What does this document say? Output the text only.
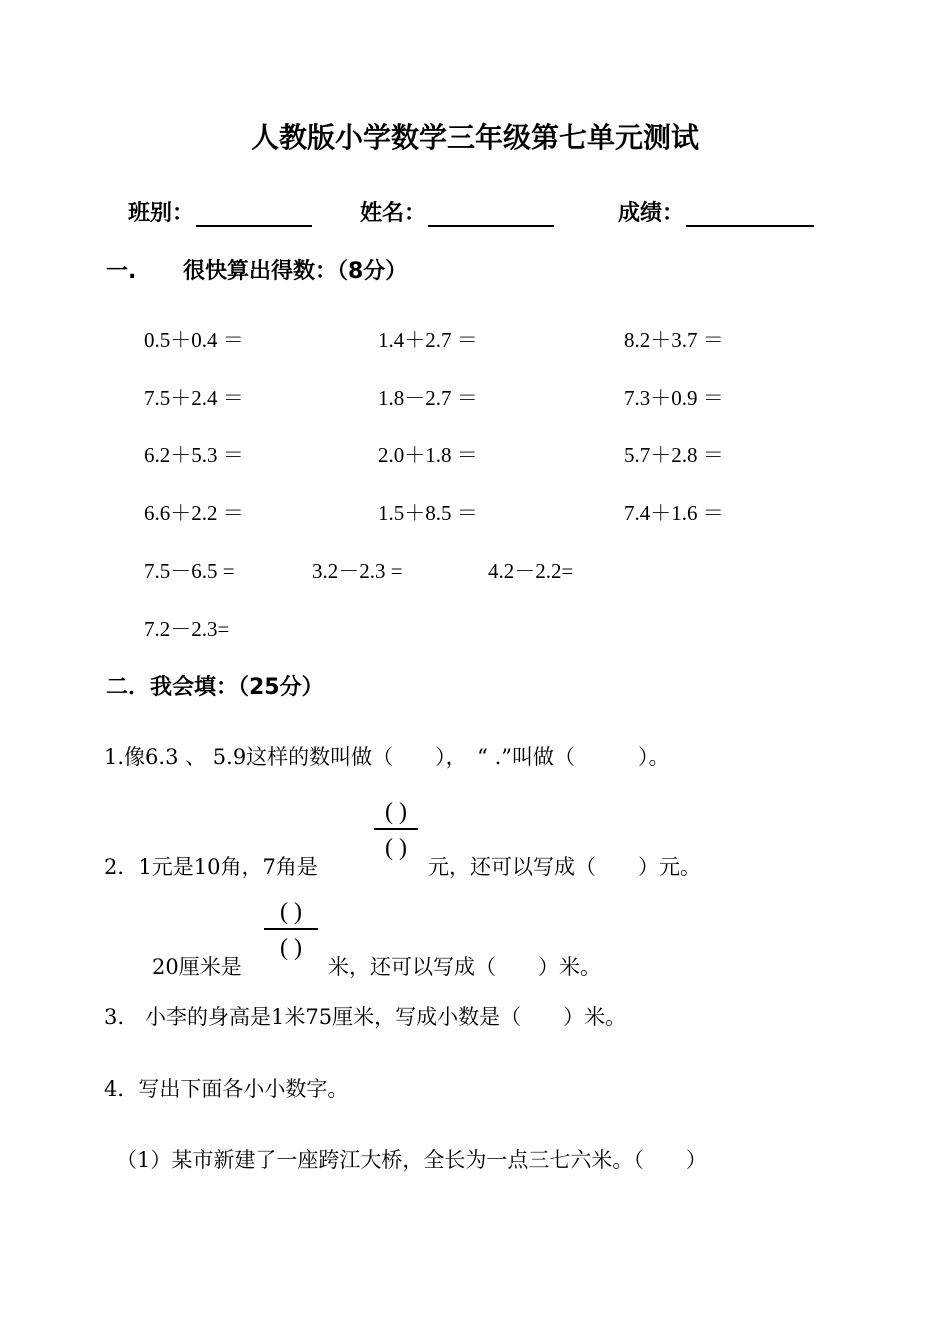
人教版小学数学三年级第七单元测试
班别：	姓名：	成绩：
一. 很快算出得数：（8分）
0.5＋0.4 ＝	1.4＋2.7 ＝	8.2＋3.7 ＝
7.5＋2.4 ＝	1.8－2.7 ＝	7.3＋0.9 ＝
6.2＋5.3 ＝	2.0＋1.8 ＝	5.7＋2.8 ＝
6.6＋2.2 ＝	1.5＋8.5 ＝	7.4＋1.6 ＝
7.5－6.5 =	3.2－2.3 =	4.2－2.2=
7.2－2.3=
二．我会填：（25分）
1.像6.3 、 5.9这样的数叫做（　　），　“ .”叫做（　　　）。
( )
( )
2．1元是10角，7角是	元，还可以写成（　　）元。
( )
( )
20厘米是	米，还可以写成（　　）米。
3.　小李的身高是1米75厘米，写成小数是（　　）米。
4．写出下面各小小数字。
（1）某市新建了一座跨江大桥，全长为一点三七六米。（　　）
